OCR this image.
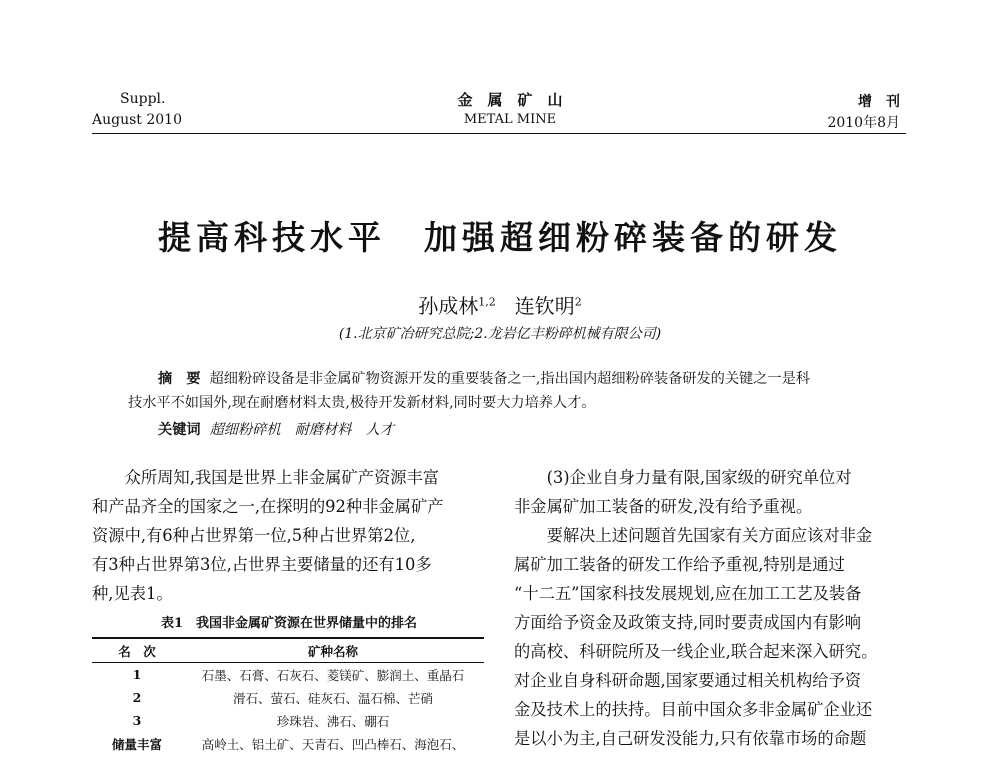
Suppl.
August 2010
金　属　矿　山
METAL MINE
增　刊
2010年8月
提高科技水平　加强超细粉碎装备的研发
孙成林$^{1,2}$ 连钦明$^2$
(1.北京矿冶研究总院;2.龙岩亿丰粉碎机械有限公司)
摘　要 超细粉碎设备是非金属矿物资源开发的重要装备之一,指出国内超细粉碎装备研发的关键之一是科
技水平不如国外,现在耐磨材料太贵,极待开发新材料,同时要大力培养人才。
关键词 超细粉碎机　耐磨材料　人才
　　众所周知,我国是世界上非金属矿产资源丰富
和产品齐全的国家之一,在探明的92种非金属矿产
资源中,有6种占世界第一位,5种占世界第2位,
有3种占世界第3位,占世界主要储量的还有10多
种,见表1。
表1　我国非金属矿资源在世界储量中的排名
名　次	矿种名称
1	石墨、石膏、石灰石、菱镁矿、膨润土、重晶石
2	滑石、萤石、硅灰石、温石棉、芒硝
3	珍珠岩、沸石、硼石
储量丰富	高岭土、铝土矿、天青石、凹凸棒石、海泡石、
　　(3)企业自身力量有限,国家级的研究单位对
非金属矿加工装备的研发,没有给予重视。
　　要解决上述问题首先国家有关方面应该对非金
属矿加工装备的研发工作给予重视,特别是通过
“十二五”国家科技发展规划,应在加工工艺及装备
方面给予资金及政策支持,同时要责成国内有影响
的高校、科研院所及一线企业,联合起来深入研究。
对企业自身科研命题,国家要通过相关机构给予资
金及技术上的扶持。目前中国众多非金属矿企业还
是以小为主,自己研发没能力,只有依靠市场的命题
